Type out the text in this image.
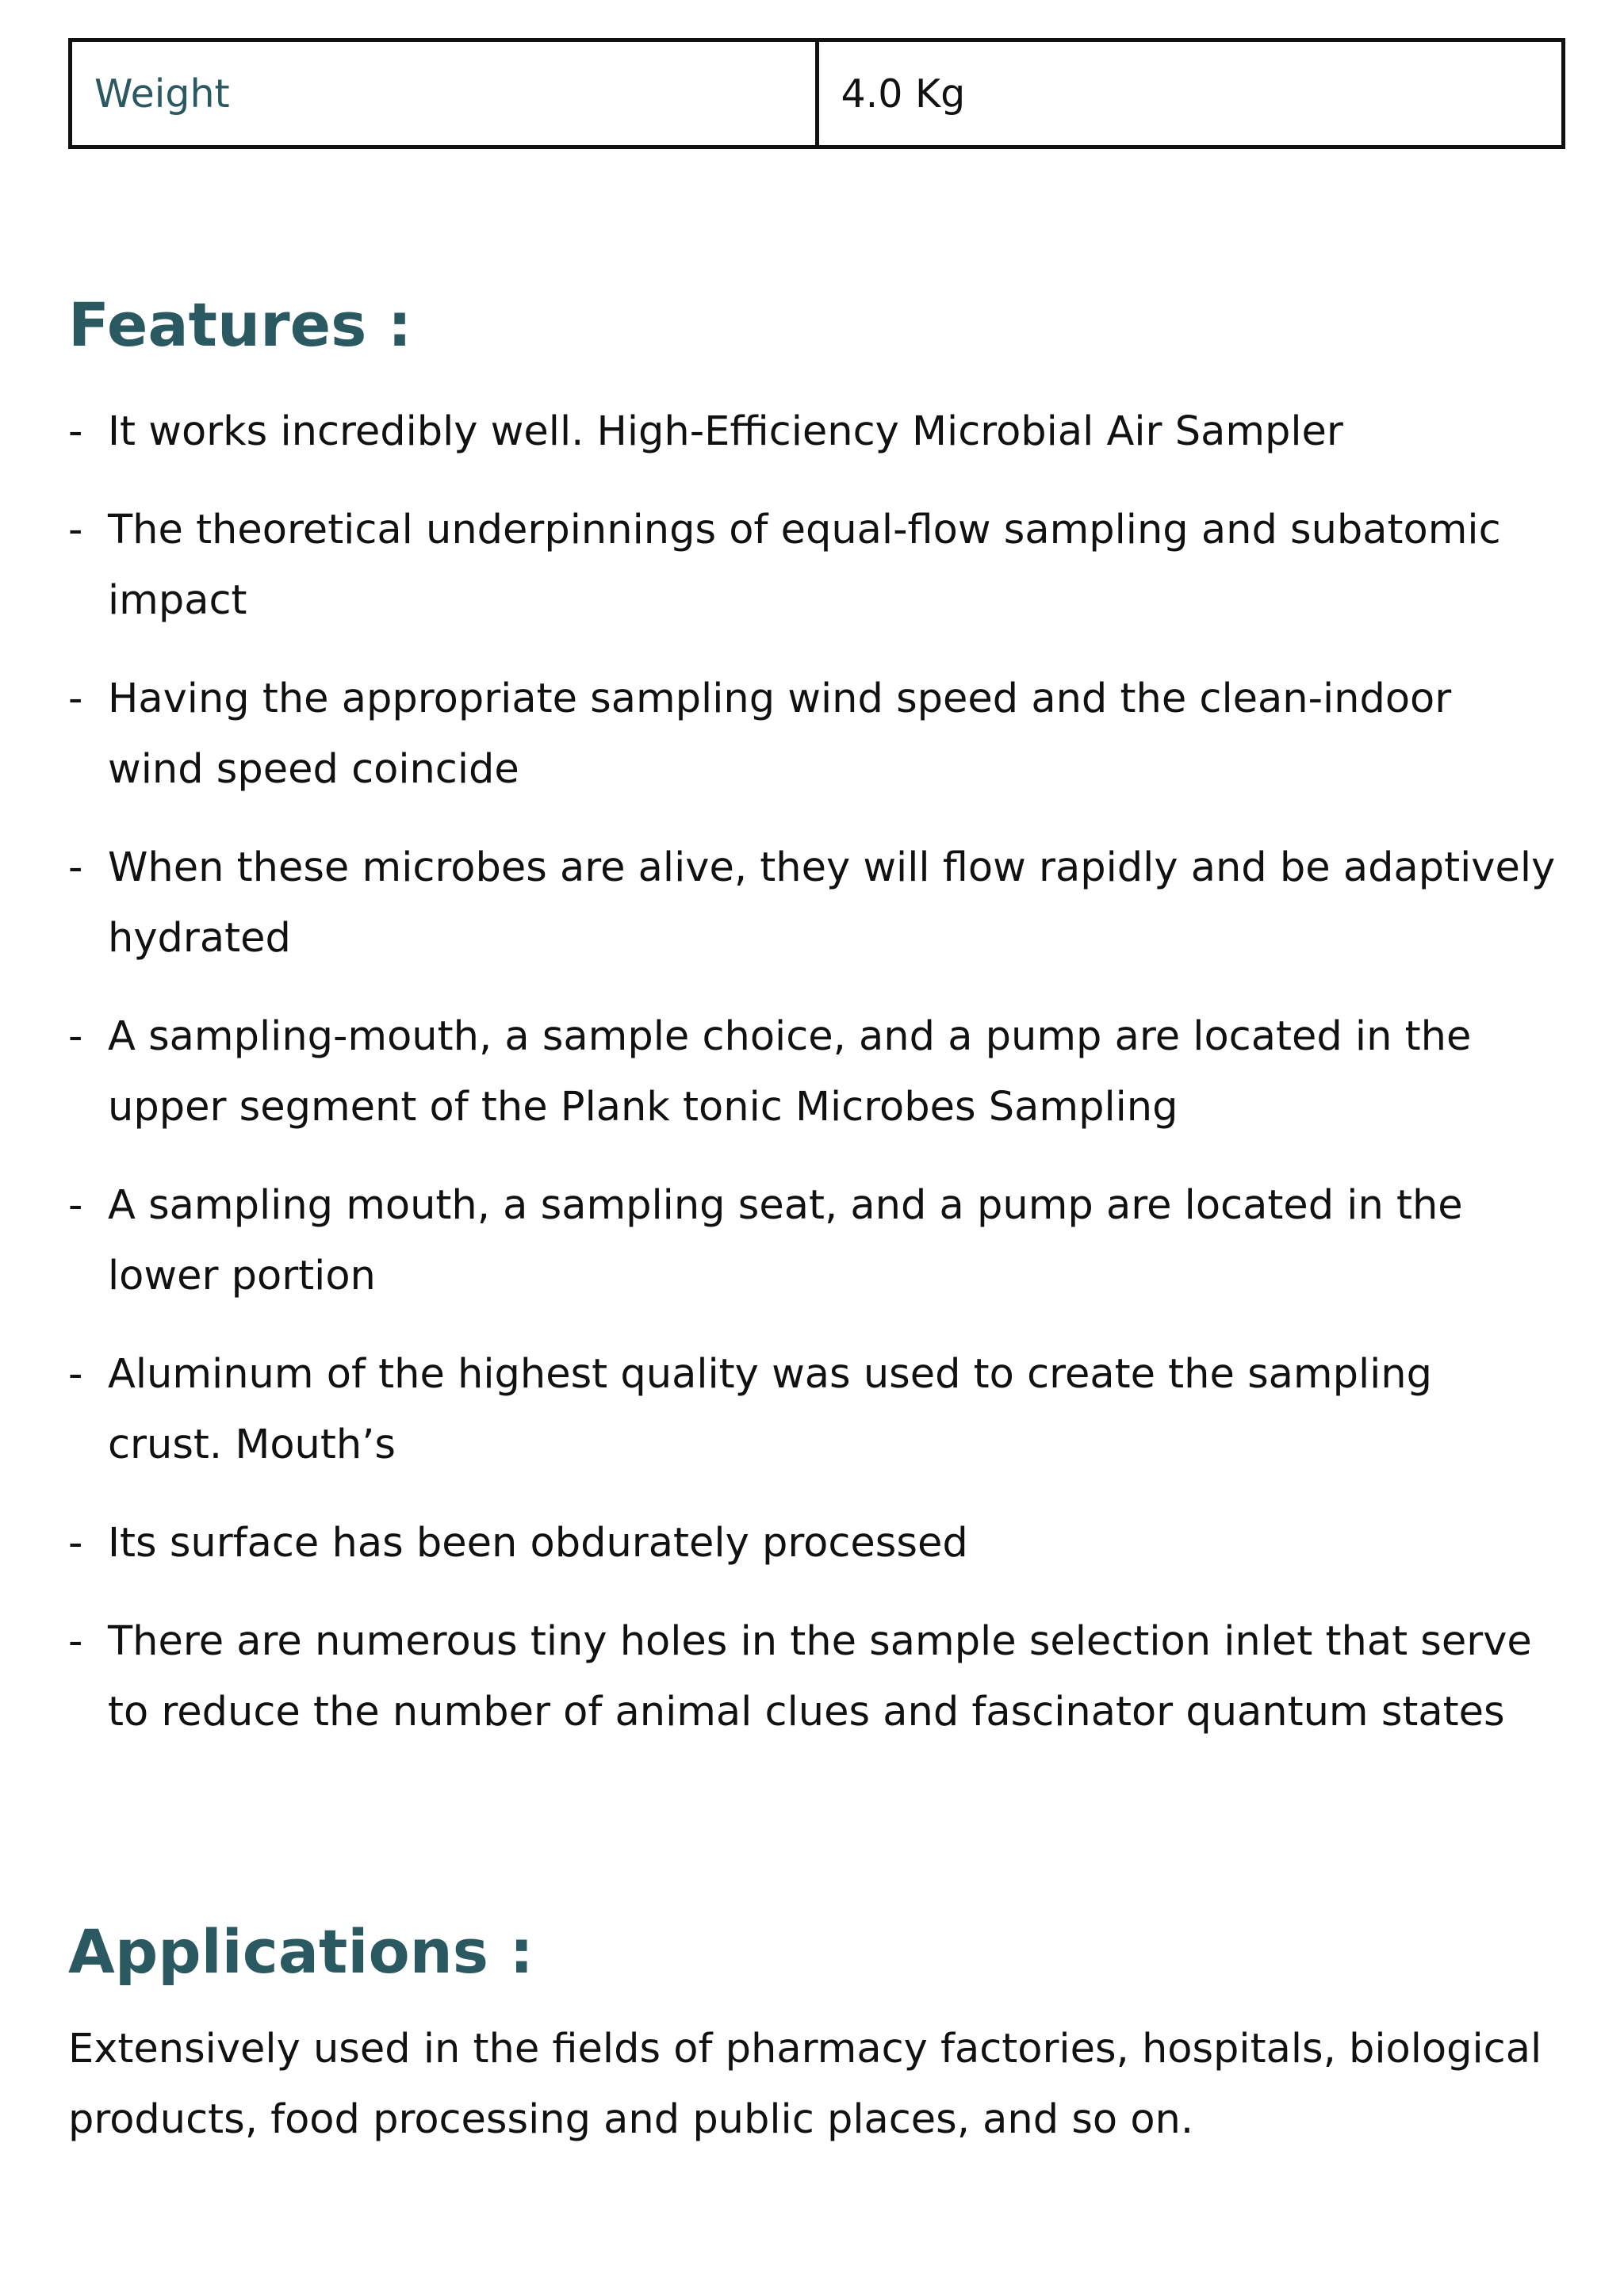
Weight	4.0 Kg
Features :
- It works incredibly well. High-Efficiency Microbial Air Sampler
- The theoretical underpinnings of equal-flow sampling and subatomic impact
- Having the appropriate sampling wind speed and the clean-indoor wind speed coincide
- When these microbes are alive, they will flow rapidly and be adaptively hydrated
- A sampling-mouth, a sample choice, and a pump are located in the upper segment of the Plank tonic Microbes Sampling
- A sampling mouth, a sampling seat, and a pump are located in the lower portion
- Aluminum of the highest quality was used to create the sampling crust. Mouth’s
- Its surface has been obdurately processed
- There are numerous tiny holes in the sample selection inlet that serve to reduce the number of animal clues and fascinator quantum states
Applications :

Extensively used in the fields of pharmacy factories, hospitals, biological products, food processing and public places, and so on.
